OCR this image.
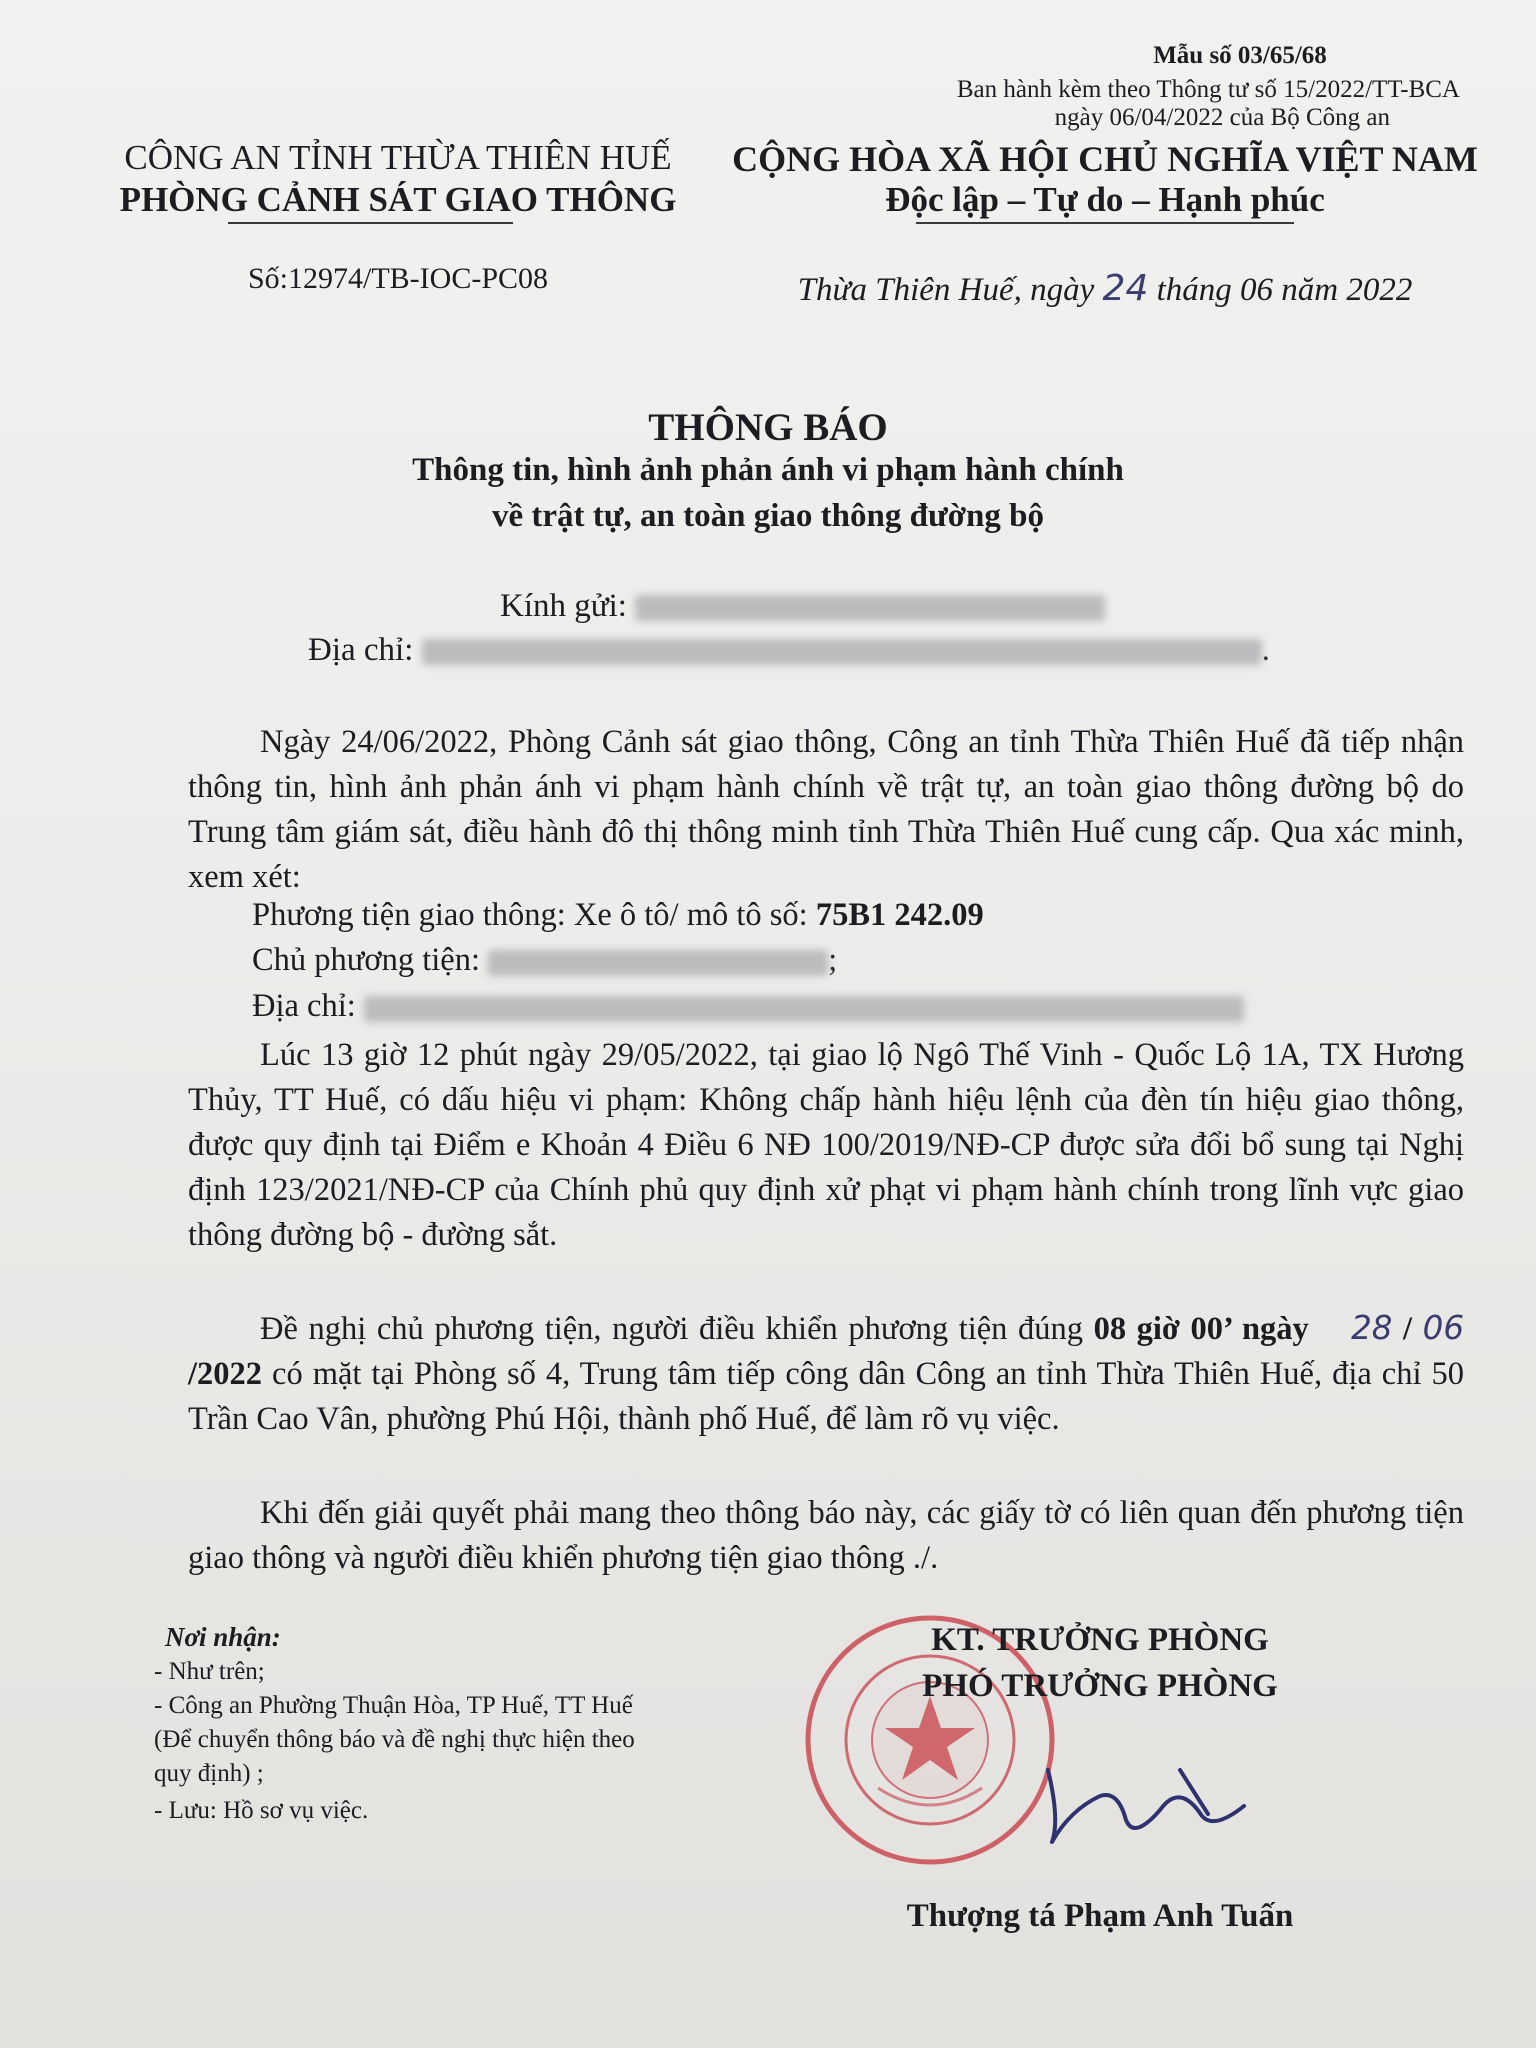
Mẫu số 03/65/68
Ban hành kèm theo Thông tư số 15/2022/TT-BCA
ngày 06/04/2022 của Bộ Công an
CÔNG AN TỈNH THỪA THIÊN HUẾ
PHÒNG CẢNH SÁT GIAO THÔNG
Số:12974/TB-IOC-PC08
CỘNG HÒA XÃ HỘI CHỦ NGHĨA VIỆT NAM
Độc lập – Tự do – Hạnh phúc
Thừa Thiên Huế, ngày 24 tháng 06 năm 2022
THÔNG BÁO
Thông tin, hình ảnh phản ánh vi phạm hành chính
về trật tự, an toàn giao thông đường bộ
Kính gửi:
Địa chỉ:	.
Ngày 24/06/2022, Phòng Cảnh sát giao thông, Công an tỉnh Thừa Thiên Huế đã tiếp nhận thông tin, hình ảnh phản ánh vi phạm hành chính về trật tự, an toàn giao thông đường bộ do Trung tâm giám sát, điều hành đô thị thông minh tỉnh Thừa Thiên Huế cung cấp. Qua xác minh, xem xét:
Phương tiện giao thông: Xe ô tô/ mô tô số: 75B1 242.09
Chủ phương tiện:	;
Địa chỉ:
Lúc 13 giờ 12 phút ngày 29/05/2022, tại giao lộ Ngô Thế Vinh - Quốc Lộ 1A, TX Hương Thủy, TT Huế, có dấu hiệu vi phạm: Không chấp hành hiệu lệnh của đèn tín hiệu giao thông, được quy định tại Điểm e Khoản 4 Điều 6 NĐ 100/2019/NĐ-CP được sửa đổi bổ sung tại Nghị định 123/2021/NĐ-CP của Chính phủ quy định xử phạt vi phạm hành chính trong lĩnh vực giao thông đường bộ - đường sắt.
Đề nghị chủ phương tiện, người điều khiển phương tiện đúng 08 giờ 00’ ngày 28 / 06 /2022 có mặt tại Phòng số 4, Trung tâm tiếp công dân Công an tỉnh Thừa Thiên Huế, địa chỉ 50 Trần Cao Vân, phường Phú Hội, thành phố Huế, để làm rõ vụ việc.
Khi đến giải quyết phải mang theo thông báo này, các giấy tờ có liên quan đến phương tiện giao thông và người điều khiển phương tiện giao thông ./.
Nơi nhận:
- Như trên;
- Công an Phường Thuận Hòa, TP Huế, TT Huế
(Để chuyển thông báo và đề nghị thực hiện theo
quy định) ;
- Lưu: Hồ sơ vụ việc.
KT. TRƯỞNG PHÒNG
PHÓ TRƯỞNG PHÒNG
Thượng tá Phạm Anh Tuấn
